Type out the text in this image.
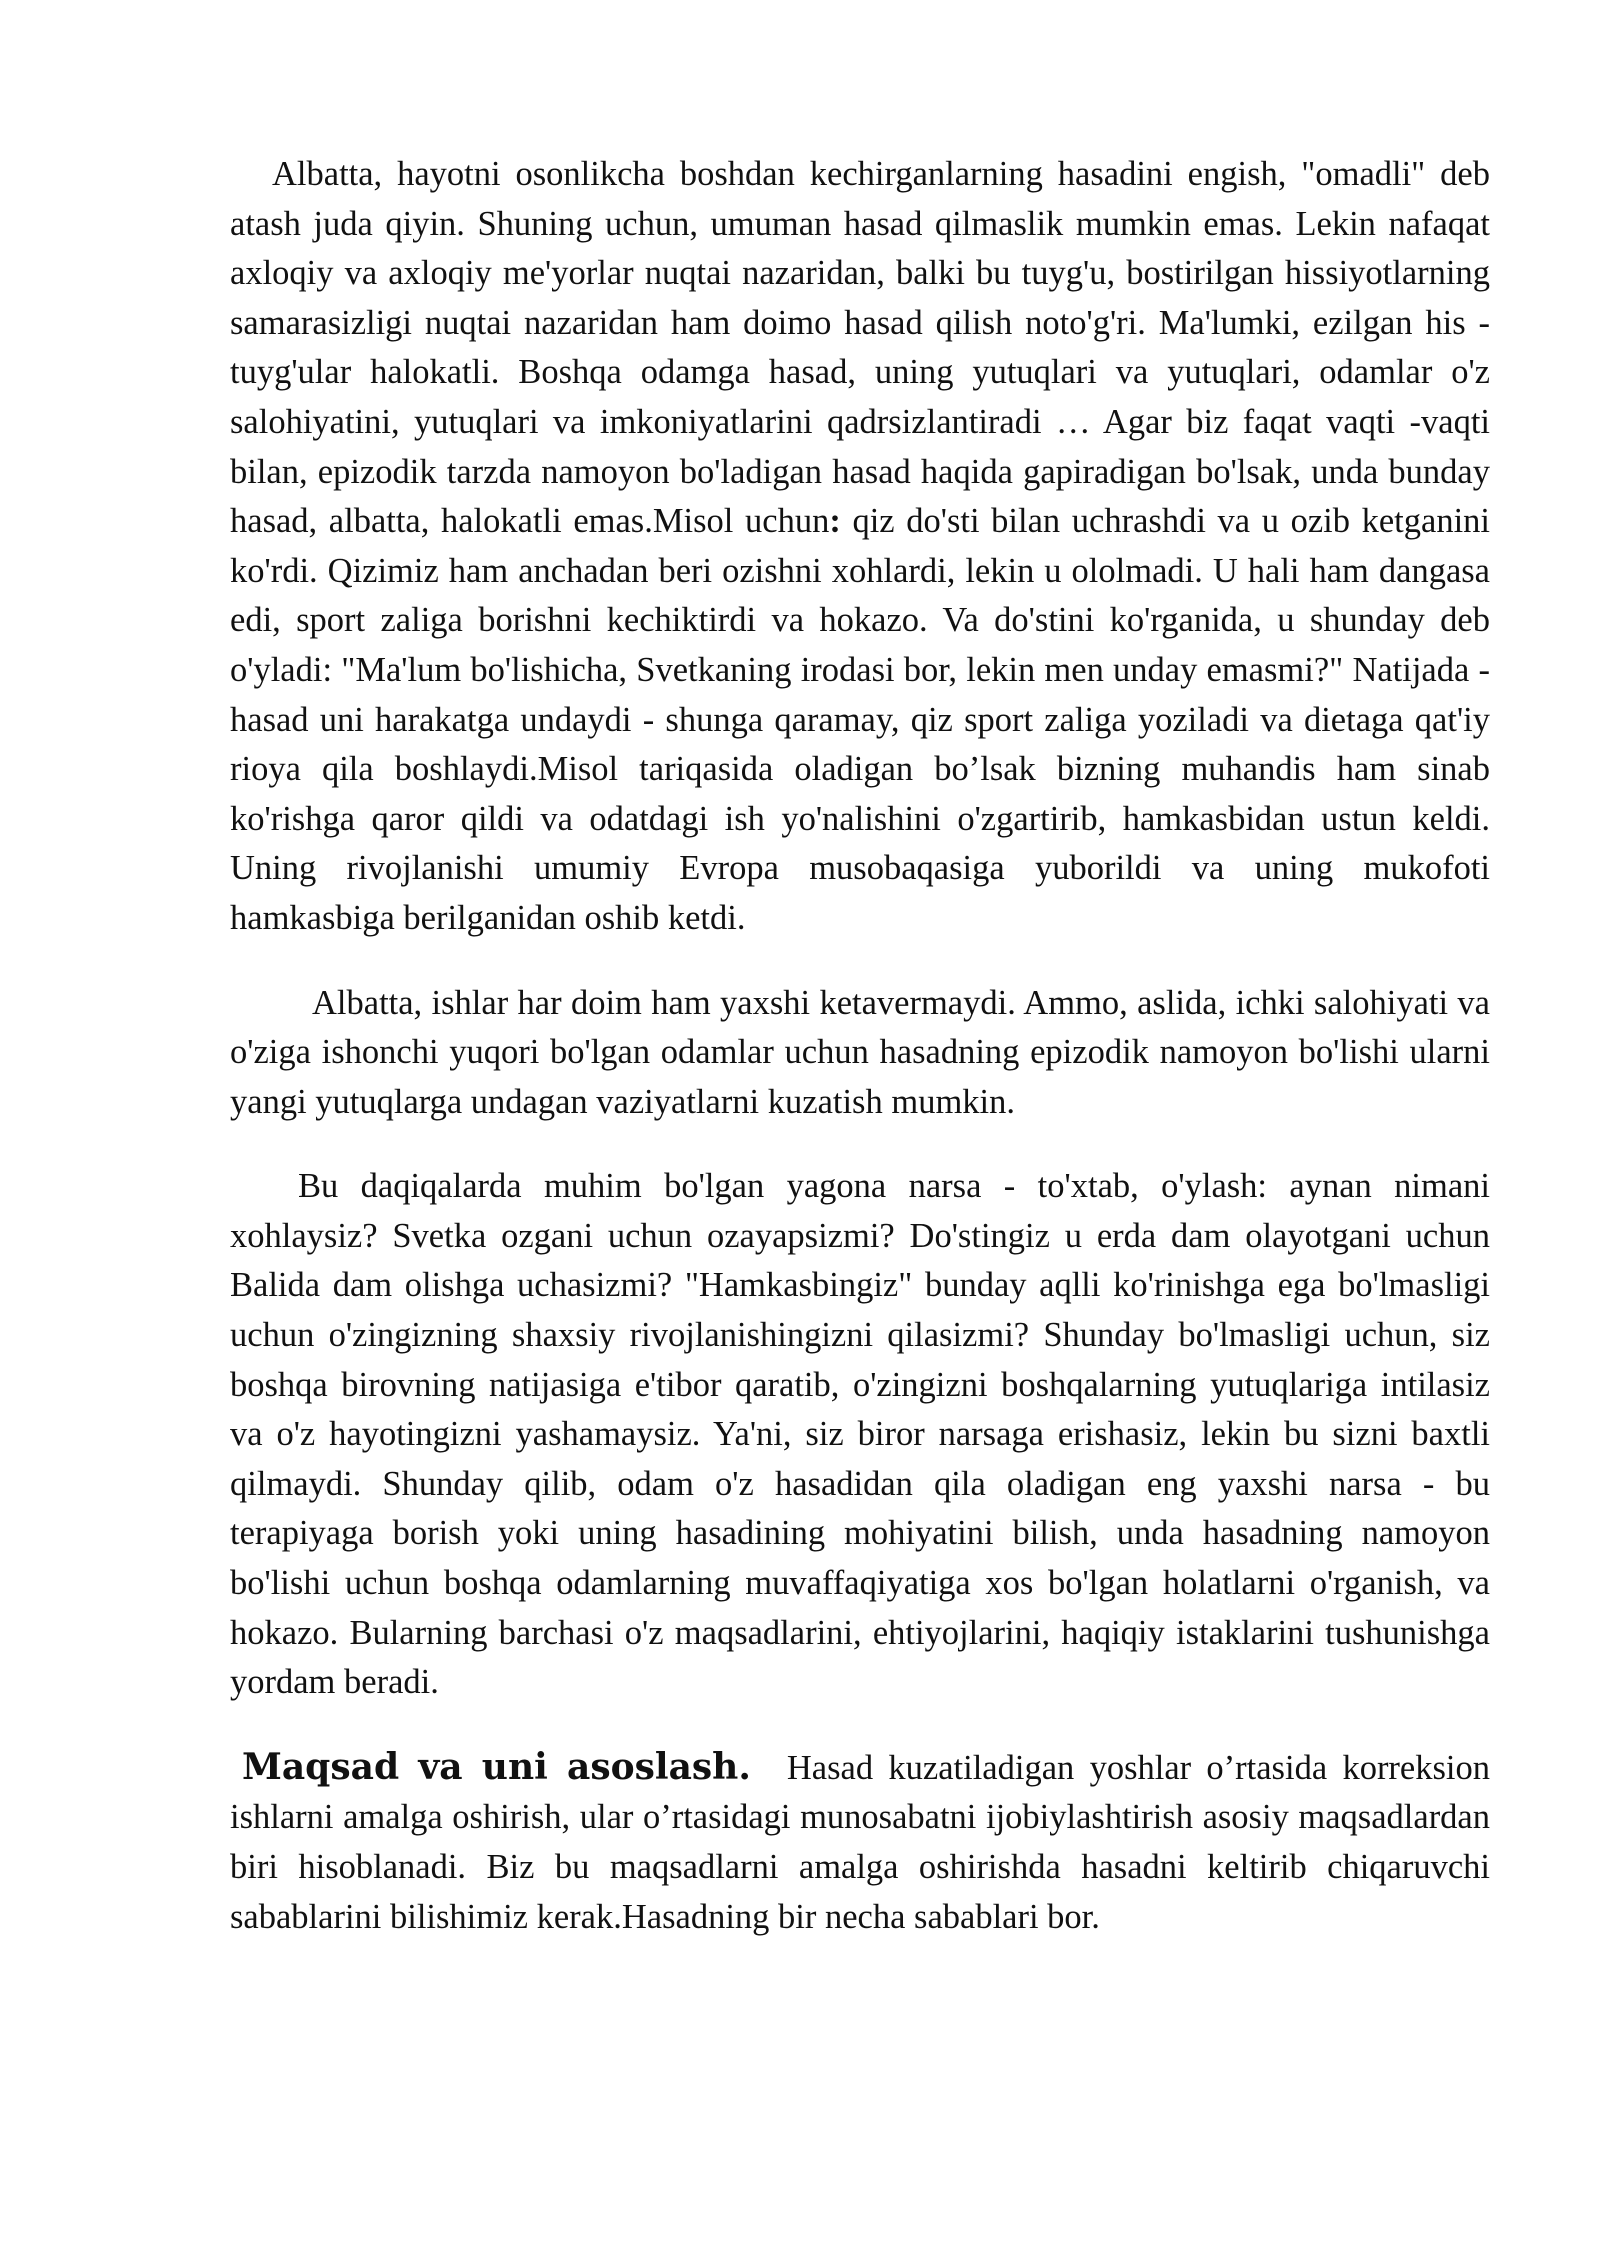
Albatta, hayotni osonlikcha boshdan kechirganlarning hasadini engish, "omadli" deb atash juda qiyin. Shuning uchun, umuman hasad qilmaslik mumkin emas. Lekin nafaqat axloqiy va axloqiy me'yorlar nuqtai nazaridan, balki bu tuyg'u, bostirilgan hissiyotlarning samarasizligi nuqtai nazaridan ham doimo hasad qilish noto'g'ri. Ma'lumki, ezilgan his -tuyg'ular halokatli. Boshqa odamga hasad, uning yutuqlari va yutuqlari, odamlar o'z salohiyatini, yutuqlari va imkoniyatlarini qadrsizlantiradi … Agar biz faqat vaqti -vaqti bilan, epizodik tarzda namoyon bo'ladigan hasad haqida gapiradigan bo'lsak, unda bunday hasad, albatta, halokatli emas.Misol uchun: qiz do'sti bilan uchrashdi va u ozib ketganini ko'rdi. Qizimiz ham anchadan beri ozishni xohlardi, lekin u ololmadi. U hali ham dangasa edi, sport zaliga borishni kechiktirdi va hokazo. Va do'stini ko'rganida, u shunday deb o'yladi: "Ma'lum bo'lishicha, Svetkaning irodasi bor, lekin men unday emasmi?" Natijada - hasad uni harakatga undaydi - shunga qaramay, qiz sport zaliga yoziladi va dietaga qat'iy rioya qila boshlaydi.Misol tariqasida oladigan bo’lsak bizning muhandis ham sinab ko'rishga qaror qildi va odatdagi ish yo'nalishini o'zgartirib, hamkasbidan ustun keldi. Uning rivojlanishi umumiy Evropa musobaqasiga yuborildi va uning mukofoti hamkasbiga berilganidan oshib ketdi.

Albatta, ishlar har doim ham yaxshi ketavermaydi. Ammo, aslida, ichki salohiyati va o'ziga ishonchi yuqori bo'lgan odamlar uchun hasadning epizodik namoyon bo'lishi ularni yangi yutuqlarga undagan vaziyatlarni kuzatish mumkin.

Bu daqiqalarda muhim bo'lgan yagona narsa - to'xtab, o'ylash: aynan nimani xohlaysiz? Svetka ozgani uchun ozayapsizmi? Do'stingiz u erda dam olayotgani uchun Balida dam olishga uchasizmi? "Hamkasbingiz" bunday aqlli ko'rinishga ega bo'lmasligi uchun o'zingizning shaxsiy rivojlanishingizni qilasizmi? Shunday bo'lmasligi uchun, siz boshqa birovning natijasiga e'tibor qaratib, o'zingizni boshqalarning yutuqlariga intilasiz va o'z hayotingizni yashamaysiz. Ya'ni, siz biror narsaga erishasiz, lekin bu sizni baxtli qilmaydi. Shunday qilib, odam o'z hasadidan qila oladigan eng yaxshi narsa - bu terapiyaga borish yoki uning hasadining mohiyatini bilish, unda hasadning namoyon bo'lishi uchun boshqa odamlarning muvaffaqiyatiga xos bo'lgan holatlarni o'rganish, va hokazo. Bularning barchasi o'z maqsadlarini, ehtiyojlarini, haqiqiy istaklarini tushunishga yordam beradi.

Maqsad va uni asoslash. Hasad kuzatiladigan yoshlar o’rtasida korreksion ishlarni amalga oshirish, ular o’rtasidagi munosabatni ijobiylashtirish asosiy maqsadlardan biri hisoblanadi. Biz bu maqsadlarni amalga oshirishda hasadni keltirib chiqaruvchi sabablarini bilishimiz kerak.Hasadning bir necha sabablari bor.
